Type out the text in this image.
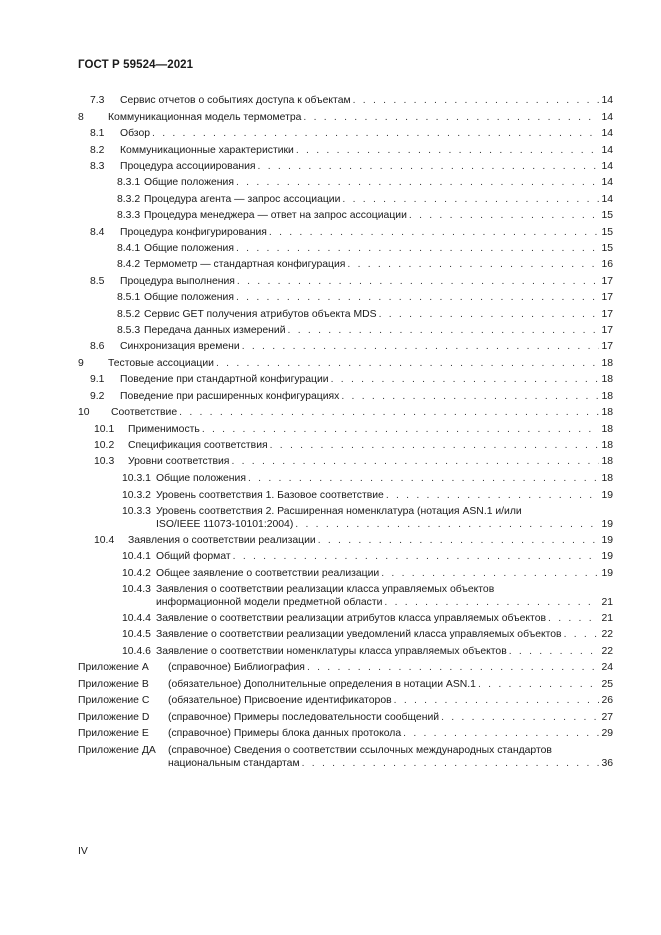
ГОСТ Р 59524—2021
7.3	Сервис отчетов о событиях доступа к объектам . . .	14
8	Коммуникационная модель термометра . . .	14
8.1	Обзор . . .	14
8.2	Коммуникационные характеристики . . .	14
8.3	Процедура ассоциирования . . .	14
8.3.1 Общие положения . . .	14
8.3.2 Процедура агента — запрос ассоциации . . .	14
8.3.3 Процедура менеджера — ответ на запрос ассоциации . . .	15
8.4	Процедура конфигурирования . . .	15
8.4.1 Общие положения . . .	15
8.4.2 Термометр — стандартная конфигурация . . .	16
8.5	Процедура выполнения . . .	17
8.5.1 Общие положения . . .	17
8.5.2 Сервис GET получения атрибутов объекта MDS . . .	17
8.5.3 Передача данных измерений . . .	17
8.6	Синхронизация времени . . .	17
9	Тестовые ассоциации . . .	18
9.1	Поведение при стандартной конфигурации . . .	18
9.2	Поведение при расширенных конфигурациях . . .	18
10	Соответствие . . .	18
10.1	Применимость . . .	18
10.2	Спецификация соответствия . . .	18
10.3	Уровни соответствия . . .	18
10.3.1 Общие положения . . .	18
10.3.2 Уровень соответствия 1. Базовое соответствие . . .	19
10.3.3 Уровень соответствия 2. Расширенная номенклатура (нотация ASN.1 и/или
ISO/IEEE 11073-10101:2004) . . .	19
10.4	Заявления о соответствии реализации . . .	19
10.4.1 Общий формат . . .	19
10.4.2 Общее заявление о соответствии реализации . . .	19
10.4.3 Заявления о соответствии реализации класса управляемых объектов
информационной модели предметной области . . .	21
10.4.4 Заявление о соответствии реализации атрибутов класса управляемых объектов . . .	21
10.4.5 Заявление о соответствии реализации уведомлений класса управляемых объектов . . .	22
10.4.6 Заявление о соответствии номенклатуры класса управляемых объектов . . .	22
Приложение А	(справочное) Библиография . . .	24
Приложение В	(обязательное) Дополнительные определения в нотации ASN.1 . . .	25
Приложение С	(обязательное) Присвоение идентификаторов . . .	26
Приложение D	(справочное) Примеры последовательности сообщений . . .	27
Приложение Е	(справочное) Примеры блока данных протокола . . .	29
Приложение ДА	(справочное) Сведения о соответствии ссылочных международных стандартов
национальным стандартам . . .	36
IV
